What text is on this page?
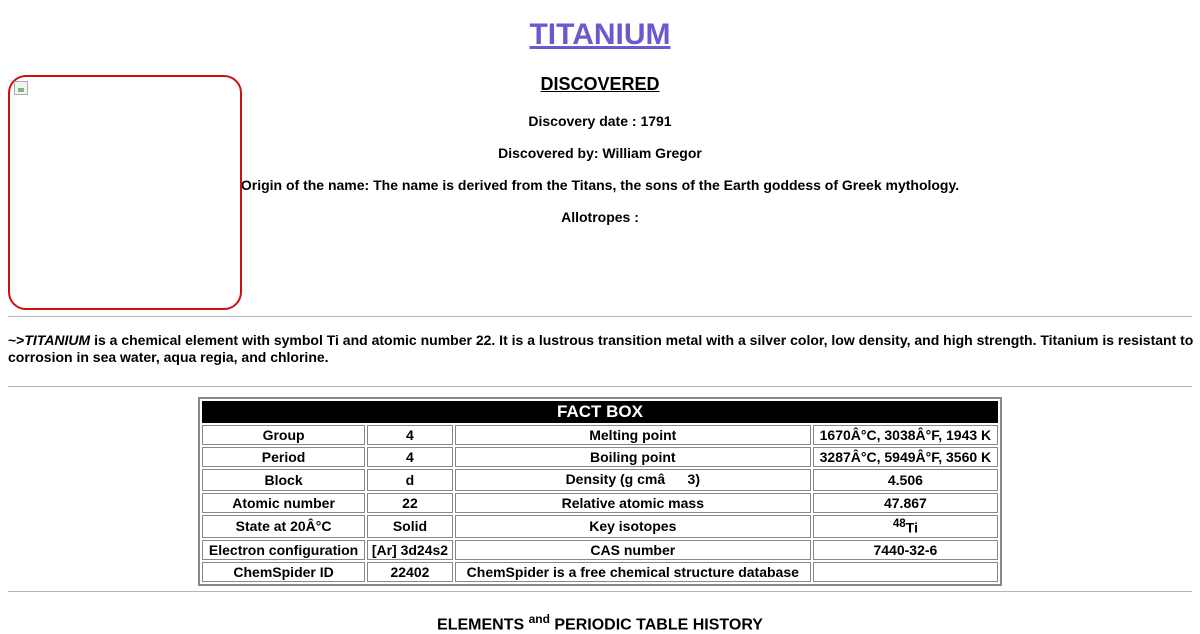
TITANIUM
DISCOVERED

Discovery date : 1791

Discovered by: William Gregor

Origin of the name: The name is derived from the Titans, the sons of the Earth goddess of Greek mythology.

Allotropes :

~>TITANIUM is a chemical element with symbol Ti and atomic number 22. It is a lustrous transition metal with a silver color, low density, and high strength. Titanium is resistant to corrosion in sea water, aqua regia, and chlorine.

FACT BOX			
Group	4	Melting point	1670Â°C, 3038Â°F, 1943 K
Period	4	Boiling point	3287Â°C, 5949Â°F, 3560 K
Block	d	Density (g cmâ3)	4.506
Atomic number	22	Relative atomic mass	47.867
State at 20Â°C	Solid	Key isotopes	$^{48}$Ti
Electron configuration	[Ar] 3d24s2	CAS number	7440-32-6
ChemSpider ID	22402	ChemSpider is a free chemical structure database	

ELEMENTS $^{and}$ PERIODIC TABLE HISTORY
